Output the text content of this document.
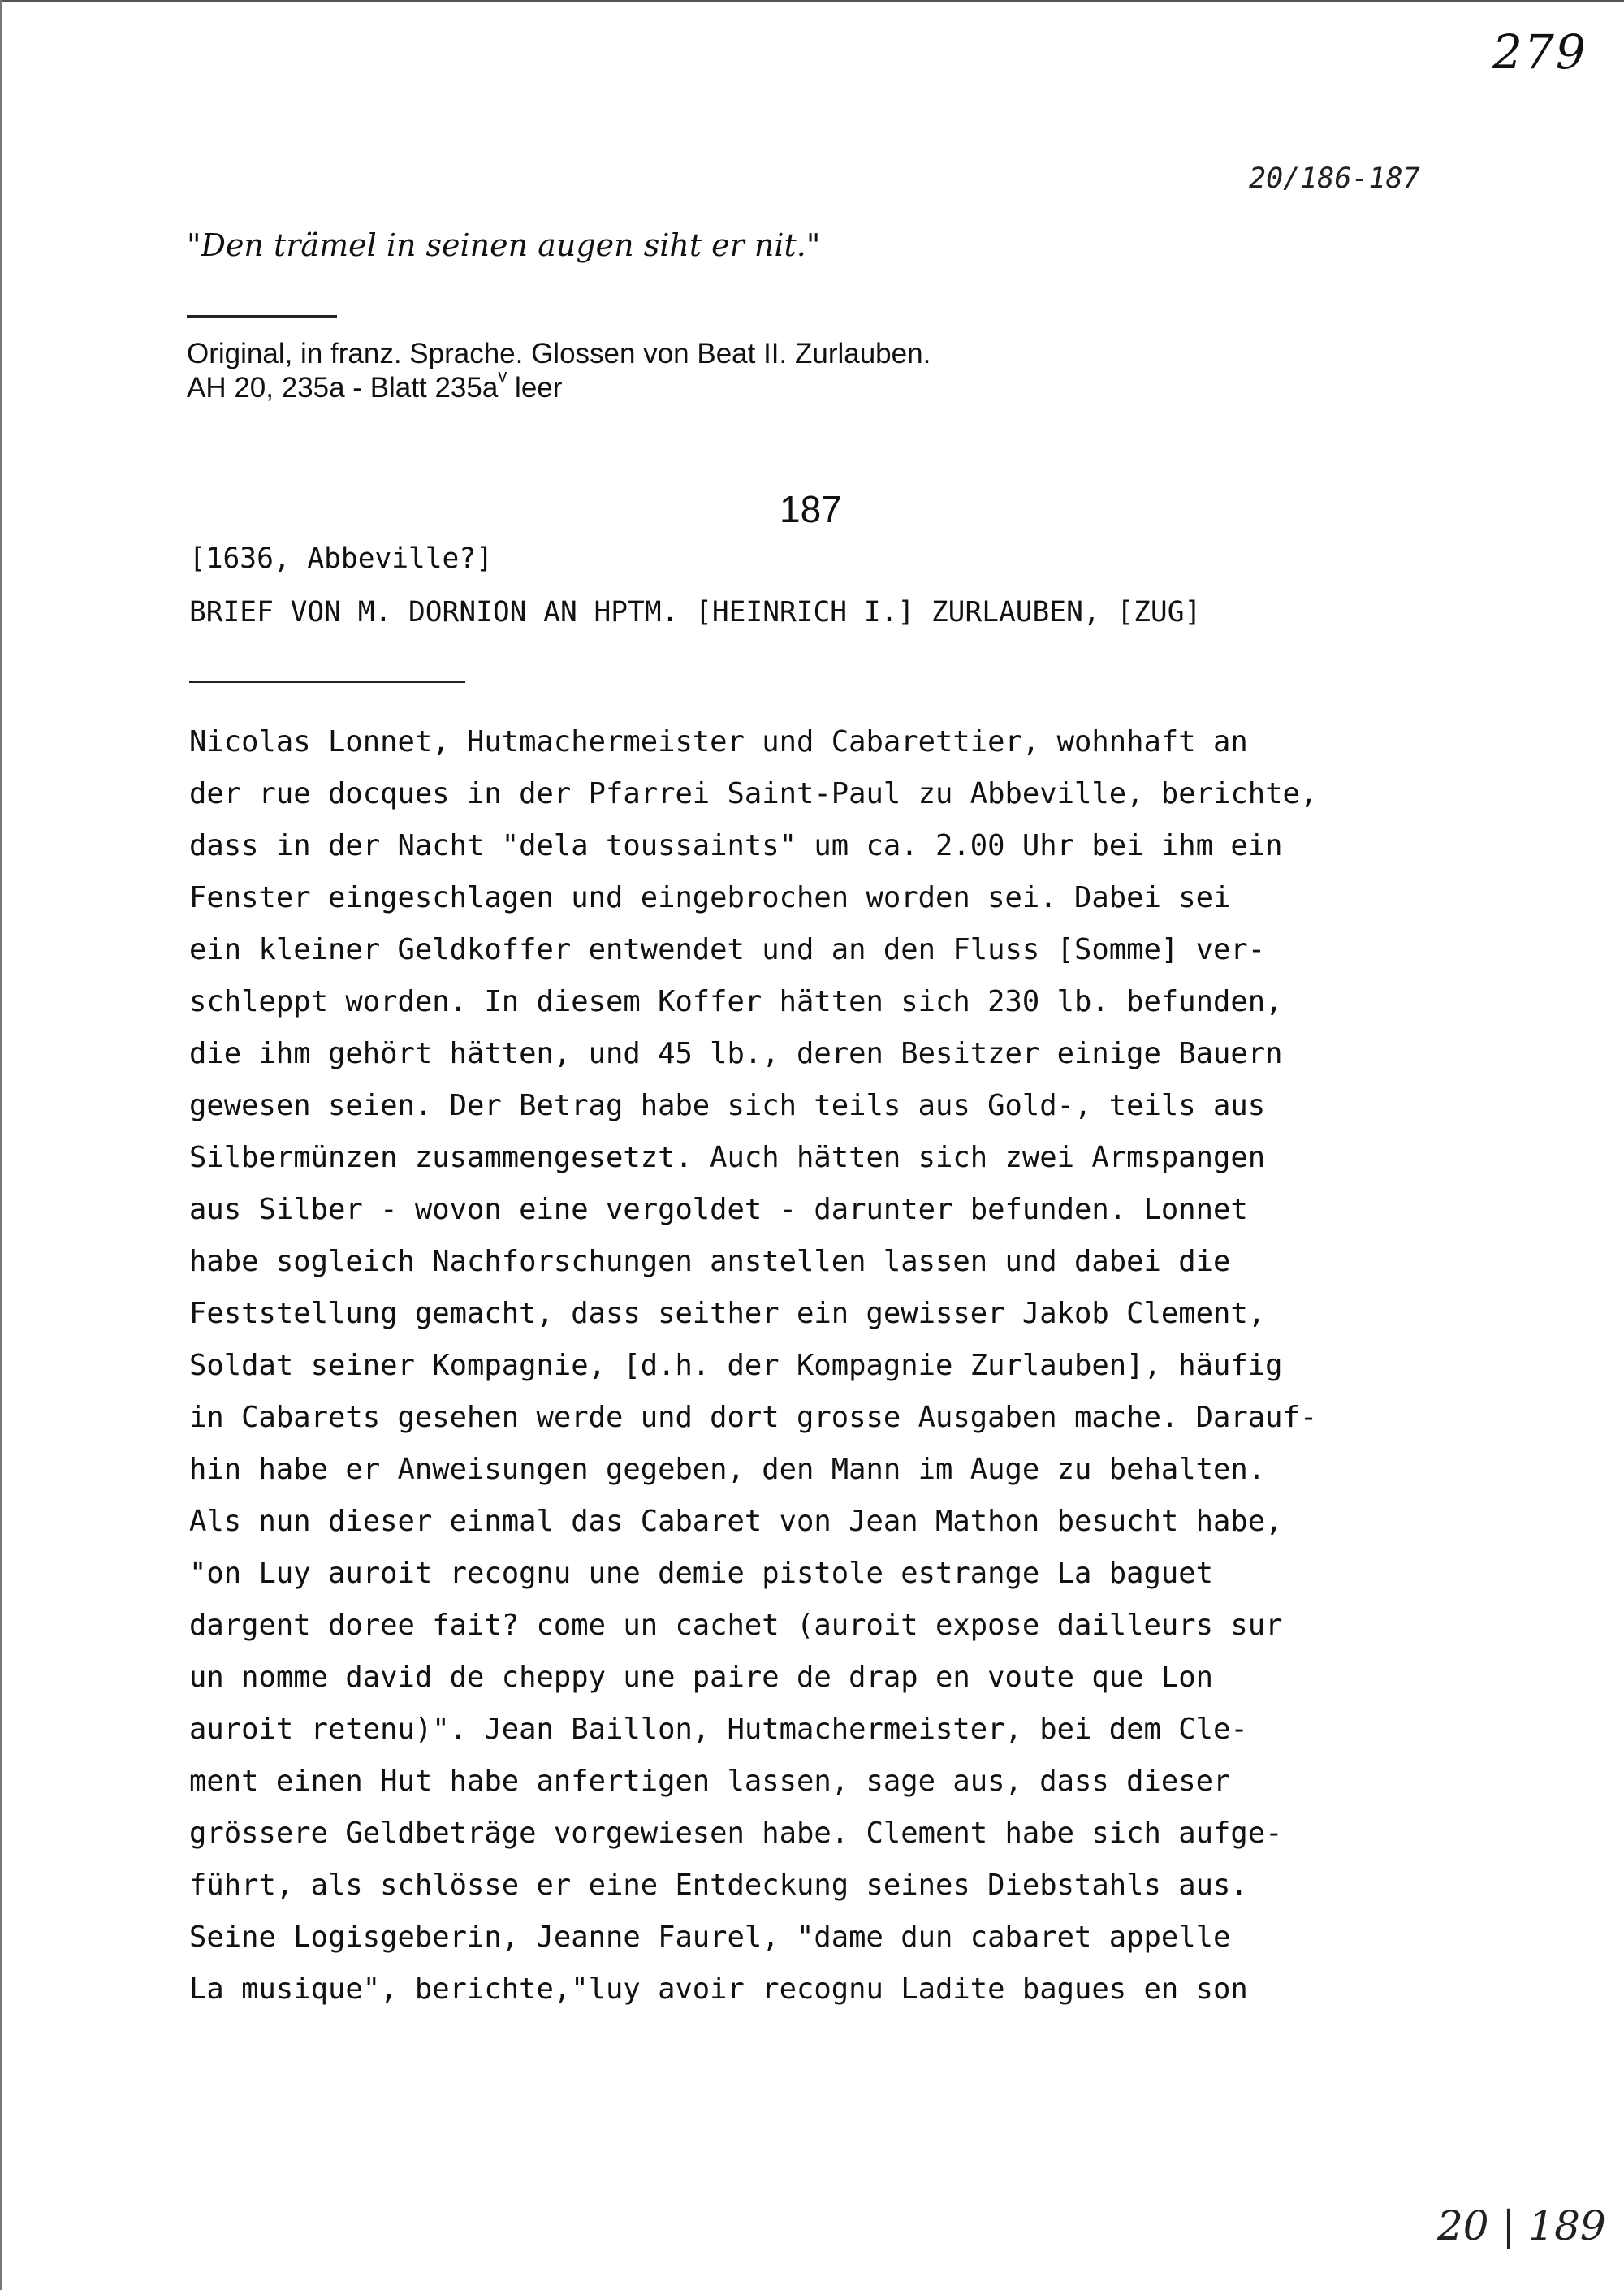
279
20/186-187
"Den trämel in seinen augen siht er nit."
Original, in franz. Sprache. Glossen von Beat II. Zurlauben.
AH 20, 235a - Blatt $235a^v$ leer
187
[1636, Abbeville?]
BRIEF VON M. DORNION AN HPTM. [HEINRICH I.] ZURLAUBEN, [ZUG]
Nicolas Lonnet, Hutmachermeister und Cabarettier, wohnhaft an
der rue docques in der Pfarrei Saint-Paul zu Abbeville, berichte,
dass in der Nacht "dela toussaints" um ca. 2.00 Uhr bei ihm ein
Fenster eingeschlagen und eingebrochen worden sei. Dabei sei
ein kleiner Geldkoffer entwendet und an den Fluss [Somme] ver-
schleppt worden. In diesem Koffer hätten sich 230 lb. befunden,
die ihm gehört hätten, und 45 lb., deren Besitzer einige Bauern
gewesen seien. Der Betrag habe sich teils aus Gold-, teils aus
Silbermünzen zusammengesetzt. Auch hätten sich zwei Armspangen
aus Silber - wovon eine vergoldet - darunter befunden. Lonnet
habe sogleich Nachforschungen anstellen lassen und dabei die
Feststellung gemacht, dass seither ein gewisser Jakob Clement,
Soldat seiner Kompagnie, [d.h. der Kompagnie Zurlauben], häufig
in Cabarets gesehen werde und dort grosse Ausgaben mache. Darauf-
hin habe er Anweisungen gegeben, den Mann im Auge zu behalten.
Als nun dieser einmal das Cabaret von Jean Mathon besucht habe,
"on Luy auroit recognu une demie pistole estrange La baguet
dargent doree fait? come un cachet (auroit expose dailleurs sur
un nomme david de cheppy une paire de drap en voute que Lon
auroit retenu)". Jean Baillon, Hutmachermeister, bei dem Cle-
ment einen Hut habe anfertigen lassen, sage aus, dass dieser
grössere Geldbeträge vorgewiesen habe. Clement habe sich aufge-
führt, als schlösse er eine Entdeckung seines Diebstahls aus.
Seine Logisgeberin, Jeanne Faurel, "dame dun cabaret appelle
La musique", berichte,"luy avoir recognu Ladite bagues en son
20 | 189
